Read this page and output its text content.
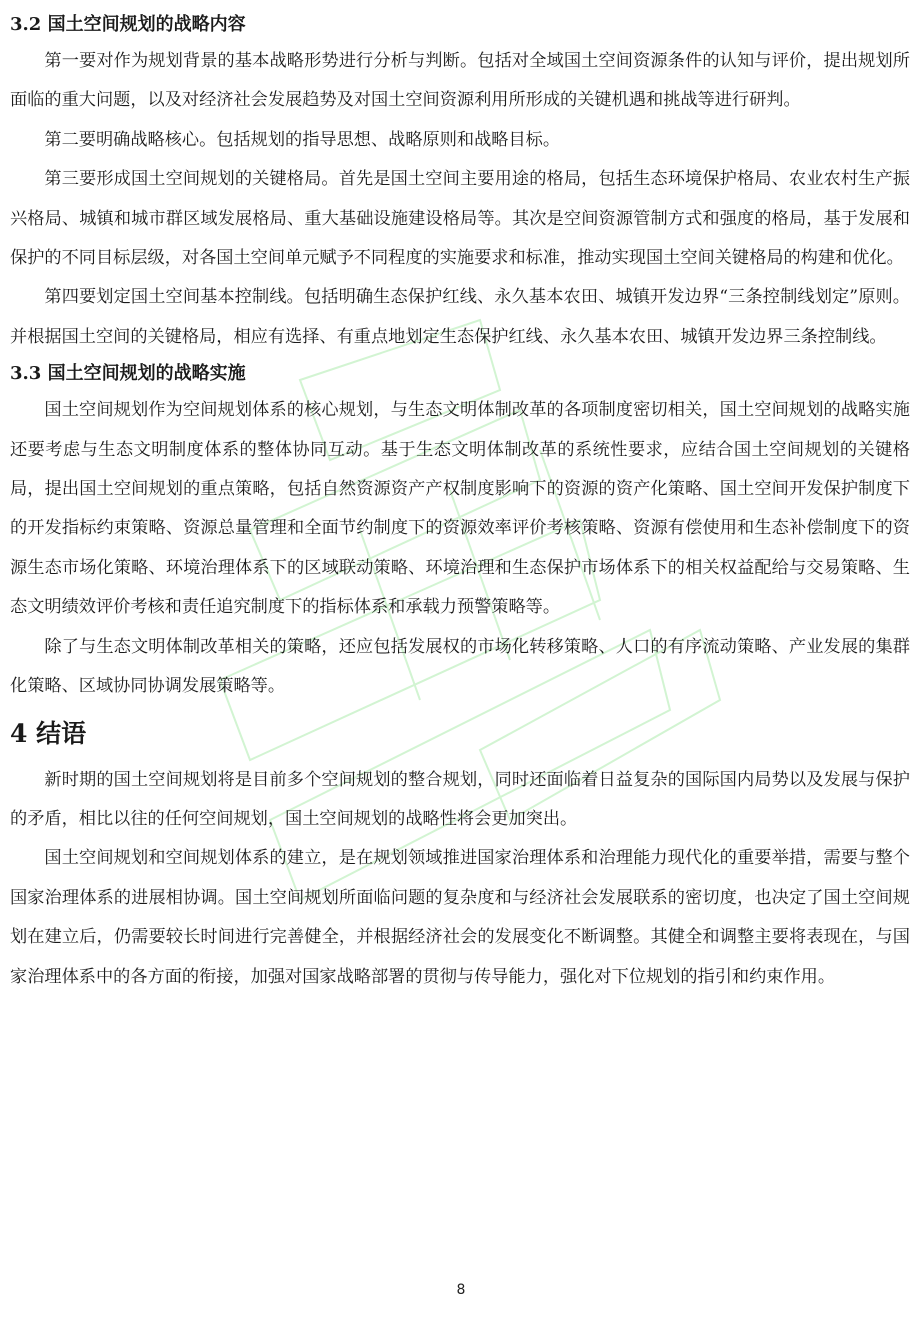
3.2 国土空间规划的战略内容

第一要对作为规划背景的基本战略形势进行分析与判断。包括对全域国土空间资源条件的认知与评价，提出规划所面临的重大问题，以及对经济社会发展趋势及对国土空间资源利用所形成的关键机遇和挑战等进行研判。

第二要明确战略核心。包括规划的指导思想、战略原则和战略目标。

第三要形成国土空间规划的关键格局。首先是国土空间主要用途的格局，包括生态环境保护格局、农业农村生产振兴格局、城镇和城市群区域发展格局、重大基础设施建设格局等。其次是空间资源管制方式和强度的格局，基于发展和保护的不同目标层级，对各国土空间单元赋予不同程度的实施要求和标准，推动实现国土空间关键格局的构建和优化。

第四要划定国土空间基本控制线。包括明确生态保护红线、永久基本农田、城镇开发边界“三条控制线划定”原则。并根据国土空间的关键格局，相应有选择、有重点地划定生态保护红线、永久基本农田、城镇开发边界三条控制线。

3.3 国土空间规划的战略实施

国土空间规划作为空间规划体系的核心规划，与生态文明体制改革的各项制度密切相关，国土空间规划的战略实施还要考虑与生态文明制度体系的整体协同互动。基于生态文明体制改革的系统性要求，应结合国土空间规划的关键格局，提出国土空间规划的重点策略，包括自然资源资产产权制度影响下的资源的资产化策略、国土空间开发保护制度下的开发指标约束策略、资源总量管理和全面节约制度下的资源效率评价考核策略、资源有偿使用和生态补偿制度下的资源生态市场化策略、环境治理体系下的区域联动策略、环境治理和生态保护市场体系下的相关权益配给与交易策略、生态文明绩效评价考核和责任追究制度下的指标体系和承载力预警策略等。

除了与生态文明体制改革相关的策略，还应包括发展权的市场化转移策略、人口的有序流动策略、产业发展的集群化策略、区域协同协调发展策略等。

4 结语

新时期的国土空间规划将是目前多个空间规划的整合规划，同时还面临着日益复杂的国际国内局势以及发展与保护的矛盾，相比以往的任何空间规划，国土空间规划的战略性将会更加突出。

国土空间规划和空间规划体系的建立，是在规划领域推进国家治理体系和治理能力现代化的重要举措，需要与整个国家治理体系的进展相协调。国土空间规划所面临问题的复杂度和与经济社会发展联系的密切度，也决定了国土空间规划在建立后，仍需要较长时间进行完善健全，并根据经济社会的发展变化不断调整。其健全和调整主要将表现在，与国家治理体系中的各方面的衔接，加强对国家战略部署的贯彻与传导能力，强化对下位规划的指引和约束作用。

8
